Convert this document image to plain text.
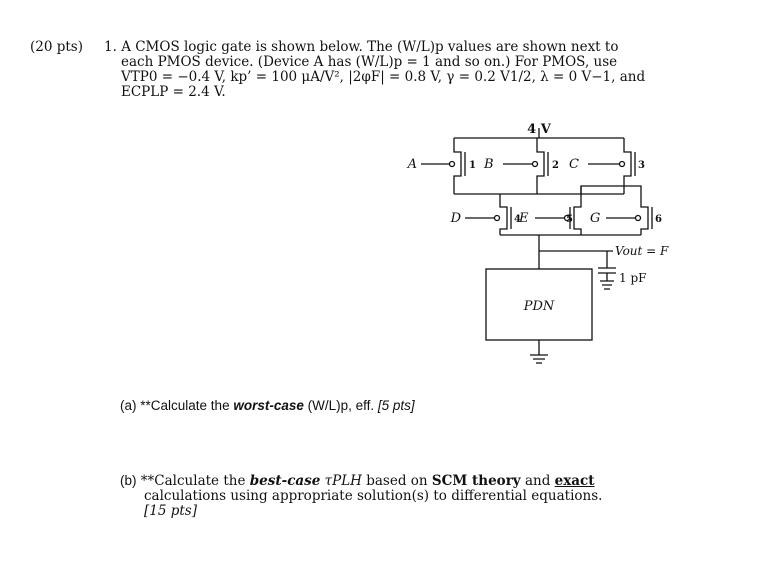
(20 pts) 1. A CMOS logic gate is shown below. The (W/L)p values are shown next to
each PMOS device. (Device A has (W/L)p = 1 and so on.) For PMOS, use
VTP0 = −0.4 V, kp’ = 100 μA/V², |2φF| = 0.8 V, γ = 0.2 V1/2, λ = 0 V−1, and
ECPLP = 2.4 V.
4 V
A	B	C
D	E	G
1	2	3
4	5	6
Vout = F
1 pF
PDN
(a) **Calculate the worst-case (W/L)p, eff. [5 pts]
(b) **Calculate the best-case τPLH based on SCM theory and exact
calculations using appropriate solution(s) to differential equations.
[15 pts]
